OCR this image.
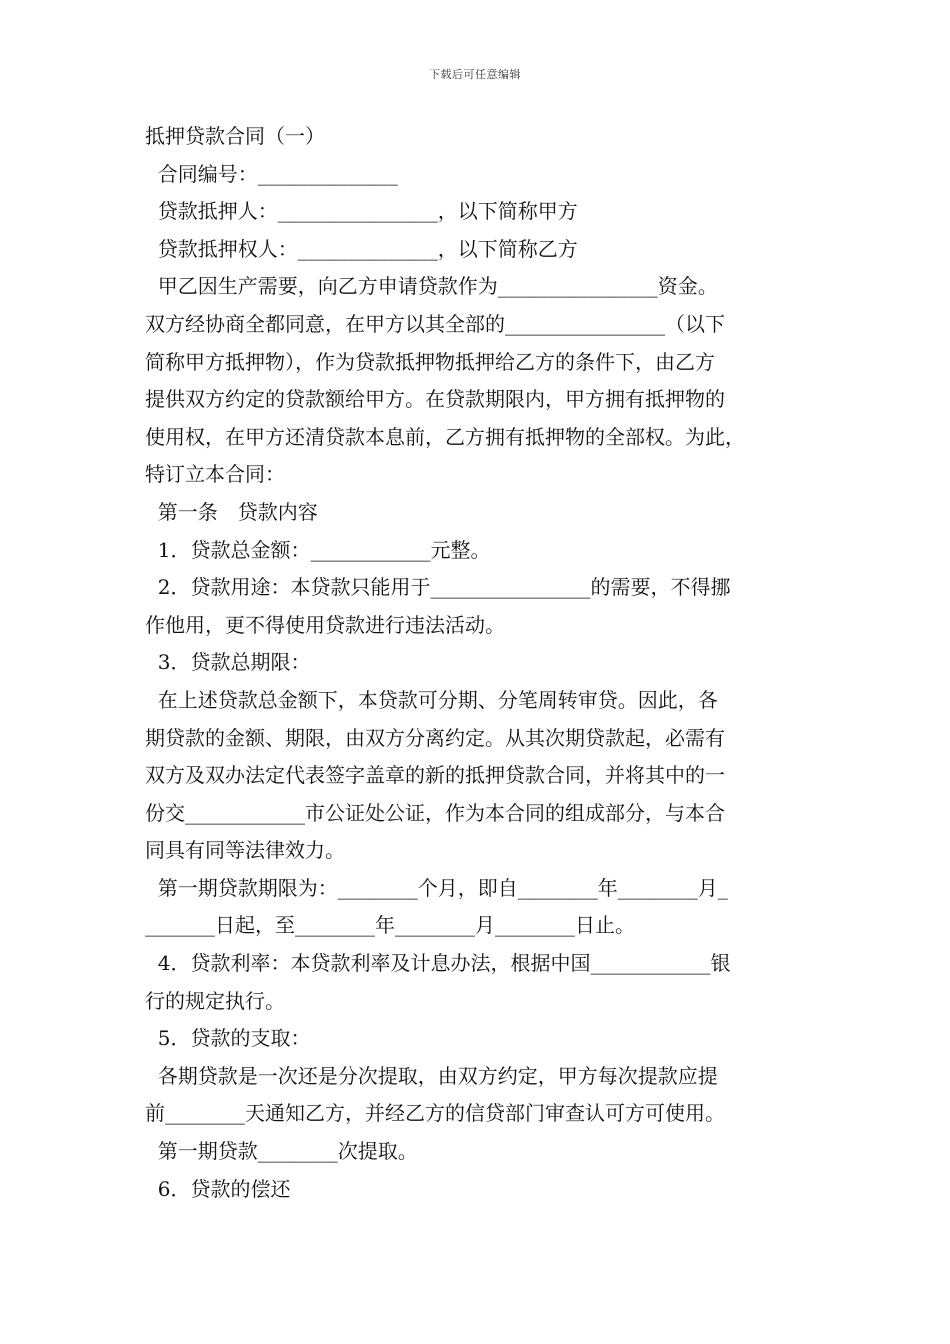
下载后可任意编辑
抵押贷款合同（一）
合同编号：______________
贷款抵押人：________________，以下简称甲方
贷款抵押权人：______________，以下简称乙方
甲乙因生产需要，向乙方申请贷款作为________________资金。
双方经协商全都同意，在甲方以其全部的________________（以下
简称甲方抵押物），作为贷款抵押物抵押给乙方的条件下，由乙方
提供双方约定的贷款额给甲方。在贷款期限内，甲方拥有抵押物的
使用权，在甲方还清贷款本息前，乙方拥有抵押物的全部权。为此，
特订立本合同：
第一条　贷款内容
1．贷款总金额：____________元整。
2．贷款用途：本贷款只能用于________________的需要，不得挪
作他用，更不得使用贷款进行违法活动。
3．贷款总期限：
在上述贷款总金额下，本贷款可分期、分笔周转审贷。因此，各
期贷款的金额、期限，由双方分离约定。从其次期贷款起，必需有
双方及双办法定代表签字盖章的新的抵押贷款合同，并将其中的一
份交____________市公证处公证，作为本合同的组成部分，与本合
同具有同等法律效力。
第一期贷款期限为：________个月，即自________年________月_
_______日起，至________年________月________日止。
4．贷款利率：本贷款利率及计息办法，根据中国____________银
行的规定执行。
5．贷款的支取：
各期贷款是一次还是分次提取，由双方约定，甲方每次提款应提
前________天通知乙方，并经乙方的信贷部门审查认可方可使用。
第一期贷款________次提取。
6．贷款的偿还
